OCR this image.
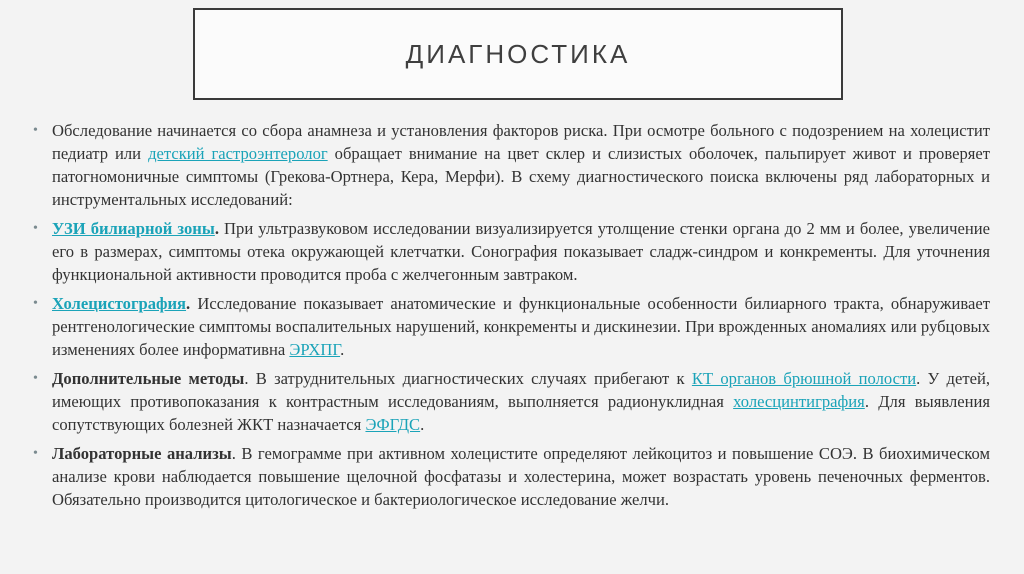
ДИАГНОСТИКА
• Обследование начинается со сбора анамнеза и установления факторов риска. При осмотре больного с подозрением на холецистит педиатр или детский гастроэнтеролог обращает внимание на цвет склер и слизистых оболочек, пальпирует живот и проверяет патогномоничные симптомы (Грекова-Ортнера, Кера, Мерфи). В схему диагностического поиска включены ряд лабораторных и инструментальных исследований:
• УЗИ билиарной зоны. При ультразвуковом исследовании визуализируется утолщение стенки органа до 2 мм и более, увеличение его в размерах, симптомы отека окружающей клетчатки. Сонография показывает сладж-синдром и конкременты. Для уточнения функциональной активности проводится проба с желчегонным завтраком.
• Холецистография. Исследование показывает анатомические и функциональные особенности билиарного тракта, обнаруживает рентгенологические симптомы воспалительных нарушений, конкременты и дискинезии. При врожденных аномалиях или рубцовых изменениях более информативна ЭРХПГ.
• Дополнительные методы. В затруднительных диагностических случаях прибегают к КТ органов брюшной полости. У детей, имеющих противопоказания к контрастным исследованиям, выполняется радионуклидная холесцинтиграфия. Для выявления сопутствующих болезней ЖКТ назначается ЭФГДС.
• Лабораторные анализы. В гемограмме при активном холецистите определяют лейкоцитоз и повышение СОЭ. В биохимическом анализе крови наблюдается повышение щелочной фосфатазы и холестерина, может возрастать уровень печеночных ферментов. Обязательно производится цитологическое и бактериологическое исследование желчи.
